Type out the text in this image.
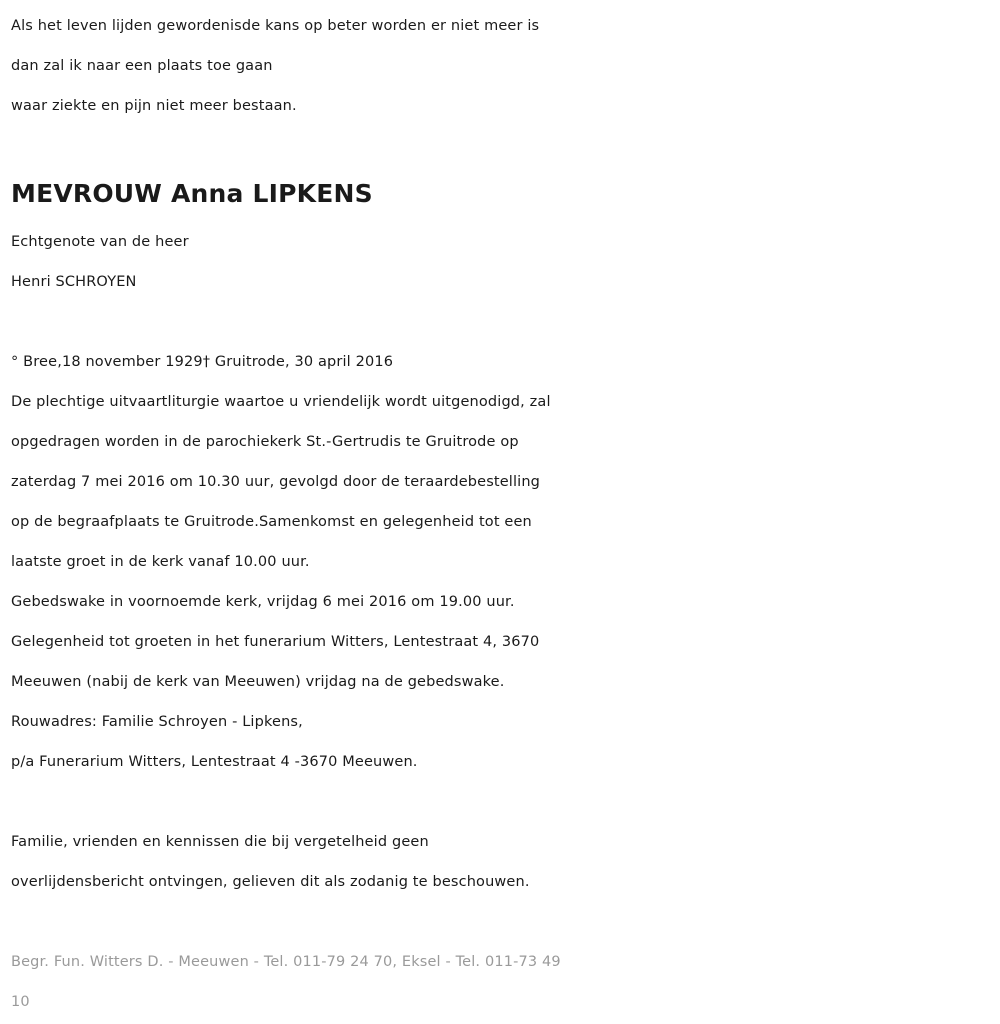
Als het leven lijden gewordenisde kans op beter worden er niet meer is
dan zal ik naar een plaats toe gaan
waar ziekte en pijn niet meer bestaan.
MEVROUW Anna LIPKENS
Echtgenote van de heer
Henri SCHROYEN
° Bree,18 november 1929† Gruitrode, 30 april 2016
De plechtige uitvaartliturgie waartoe u vriendelijk wordt uitgenodigd, zal
opgedragen worden in de parochiekerk St.-Gertrudis te Gruitrode op
zaterdag 7 mei 2016 om 10.30 uur, gevolgd door de teraardebestelling
op de begraafplaats te Gruitrode.Samenkomst en gelegenheid tot een
laatste groet in de kerk vanaf 10.00 uur.
Gebedswake in voornoemde kerk, vrijdag 6 mei 2016 om 19.00 uur.
Gelegenheid tot groeten in het funerarium Witters, Lentestraat 4, 3670
Meeuwen (nabij de kerk van Meeuwen) vrijdag na de gebedswake.
Rouwadres: Familie Schroyen - Lipkens,
p/a Funerarium Witters, Lentestraat 4 -3670 Meeuwen.
Familie, vrienden en kennissen die bij vergetelheid geen
overlijdensbericht ontvingen, gelieven dit als zodanig te beschouwen.
Begr. Fun. Witters D. - Meeuwen - Tel. 011-79 24 70, Eksel - Tel. 011-73 49
10
